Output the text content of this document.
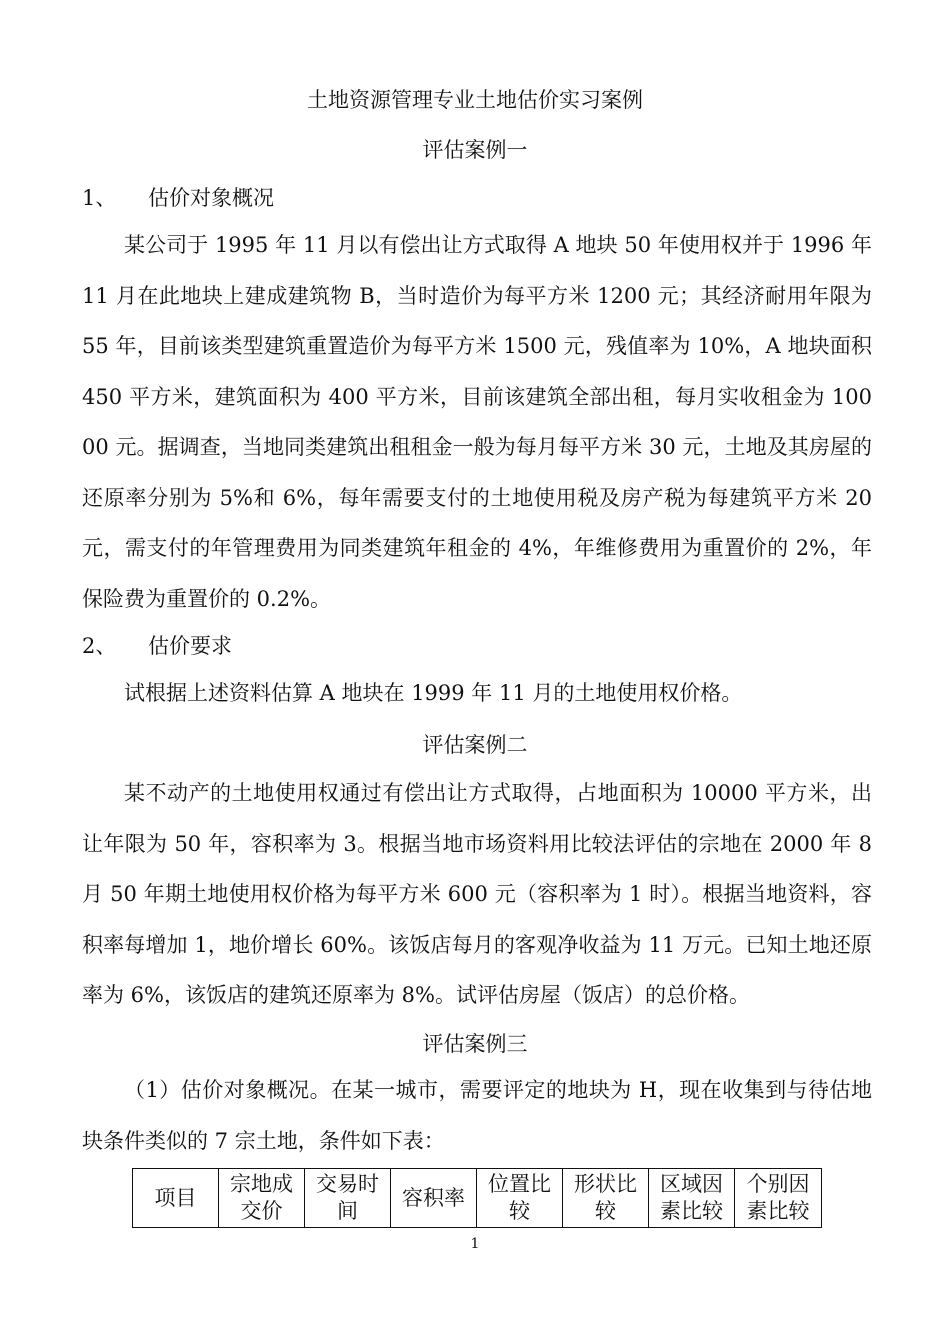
土地资源管理专业土地估价实习案例
评估案例一
1、 估价对象概况
某公司于 1995 年 11 月以有偿出让方式取得 A 地块 50 年使用权并于 1996 年 11 月在此地块上建成建筑物 B，当时造价为每平方米 1200 元；其经济耐用年限为 55 年，目前该类型建筑重置造价为每平方米 1500 元，残值率为 10%，A 地块面积 450 平方米，建筑面积为 400 平方米，目前该建筑全部出租，每月实收租金为 10000 元。据调查，当地同类建筑出租租金一般为每月每平方米 30 元，土地及其房屋的还原率分别为 5%和 6%，每年需要支付的土地使用税及房产税为每建筑平方米 20 元，需支付的年管理费用为同类建筑年租金的 4%，年维修费用为重置价的 2%，年保险费为重置价的 0.2%。
2、 估价要求
试根据上述资料估算 A 地块在 1999 年 11 月的土地使用权价格。
评估案例二
某不动产的土地使用权通过有偿出让方式取得，占地面积为 10000 平方米，出让年限为 50 年，容积率为 3。根据当地市场资料用比较法评估的宗地在 2000 年 8 月 50 年期土地使用权价格为每平方米 600 元（容积率为 1 时）。根据当地资料，容积率每增加 1，地价增长 60%。该饭店每月的客观净收益为 11 万元。已知土地还原率为 6%，该饭店的建筑还原率为 8%。试评估房屋（饭店）的总价格。
评估案例三
（1）估价对象概况。在某一城市，需要评定的地块为 H，现在收集到与待估地块条件类似的 7 宗土地，条件如下表：
项目	宗地成交价	交易时间	容积率	位置比较	形状比较	区域因素比较	个别因素比较
1
